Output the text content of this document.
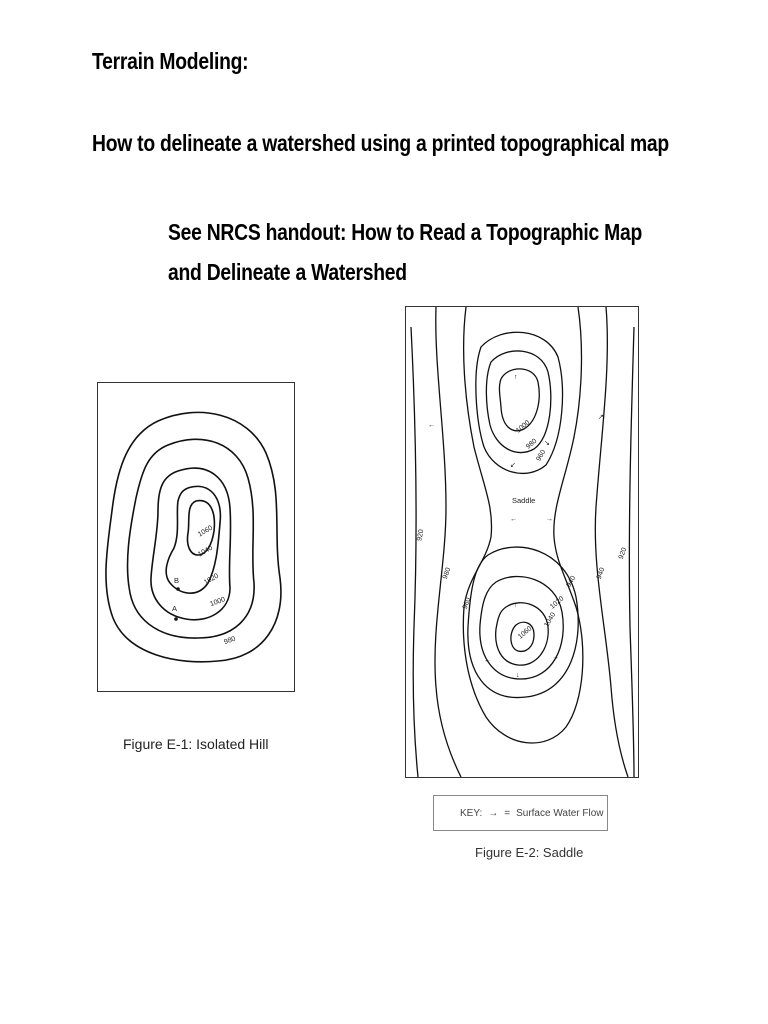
Terrain Modeling:
How to delineate a watershed using a printed topographical map
See NRCS handout: How to Read a Topographic Map
and Delineate a Watershed
B
A
1060
1040
1020
1000
980
Figure E-1: Isolated Hill
↑
←
↗
↙
↘
←	→
↑
←	→
↓
↑
Saddle
1000
980
960
1060
1040
1020
960
980
920
940
940
920
KEY: → = Surface Water Flow
Figure E-2: Saddle
